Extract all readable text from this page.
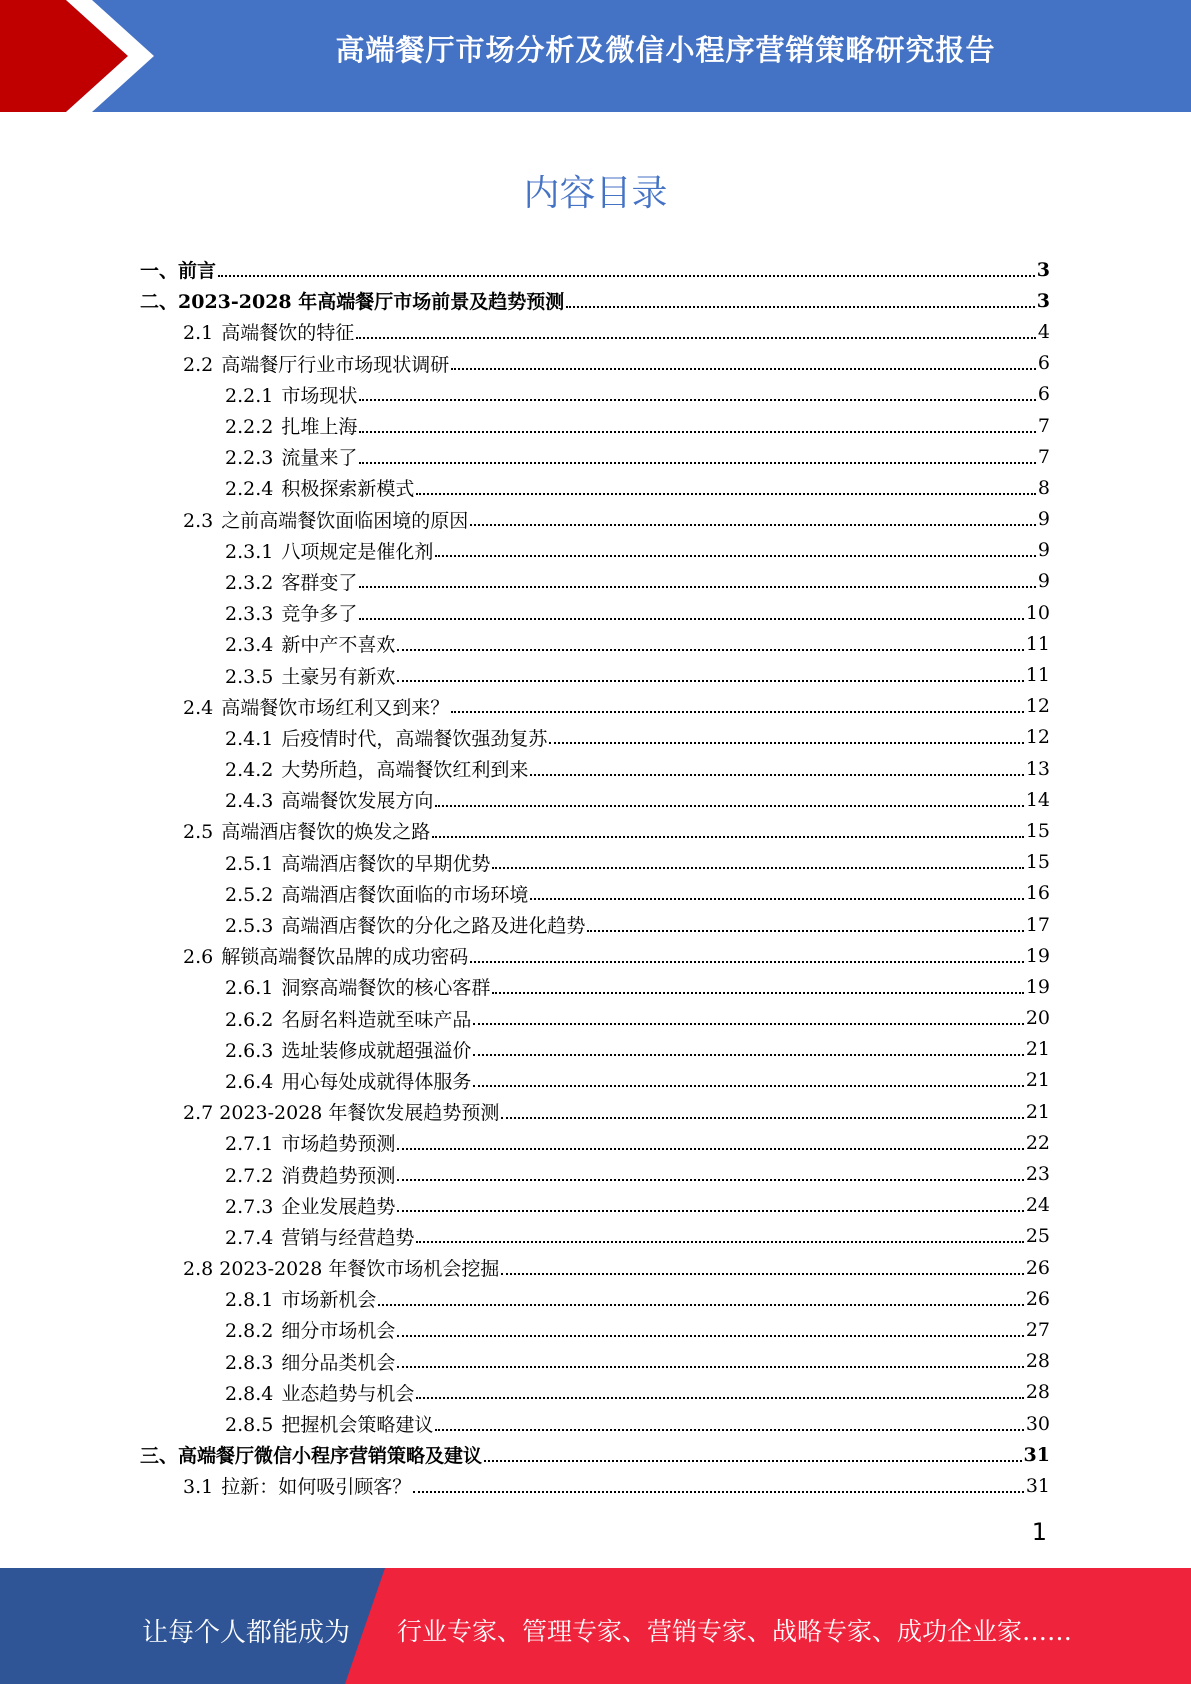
高端餐厅市场分析及微信小程序营销策略研究报告
内容目录
一、前言	3
二、2023-2028 年高端餐厅市场前景及趋势预测	3
2.1 高端餐饮的特征	4
2.2 高端餐厅行业市场现状调研	6
2.2.1 市场现状	6
2.2.2 扎堆上海	7
2.2.3 流量来了	7
2.2.4 积极探索新模式	8
2.3 之前高端餐饮面临困境的原因	9
2.3.1 八项规定是催化剂	9
2.3.2 客群变了	9
2.3.3 竞争多了	10
2.3.4 新中产不喜欢	11
2.3.5 土豪另有新欢	11
2.4 高端餐饮市场红利又到来？	12
2.4.1 后疫情时代，高端餐饮强劲复苏	12
2.4.2 大势所趋，高端餐饮红利到来	13
2.4.3 高端餐饮发展方向	14
2.5 高端酒店餐饮的焕发之路	15
2.5.1 高端酒店餐饮的早期优势	15
2.5.2 高端酒店餐饮面临的市场环境	16
2.5.3 高端酒店餐饮的分化之路及进化趋势	17
2.6 解锁高端餐饮品牌的成功密码	19
2.6.1 洞察高端餐饮的核心客群	19
2.6.2 名厨名料造就至味产品	20
2.6.3 选址装修成就超强溢价	21
2.6.4 用心每处成就得体服务	21
2.7 2023-2028 年餐饮发展趋势预测	21
2.7.1 市场趋势预测	22
2.7.2 消费趋势预测	23
2.7.3 企业发展趋势	24
2.7.4 营销与经营趋势	25
2.8 2023-2028 年餐饮市场机会挖掘	26
2.8.1 市场新机会	26
2.8.2 细分市场机会	27
2.8.3 细分品类机会	28
2.8.4 业态趋势与机会	28
2.8.5 把握机会策略建议	30
三、高端餐厅微信小程序营销策略及建议	31
3.1 拉新：如何吸引顾客？	31
1
让每个人都能成为 行业专家、管理专家、营销专家、战略专家、成功企业家……
